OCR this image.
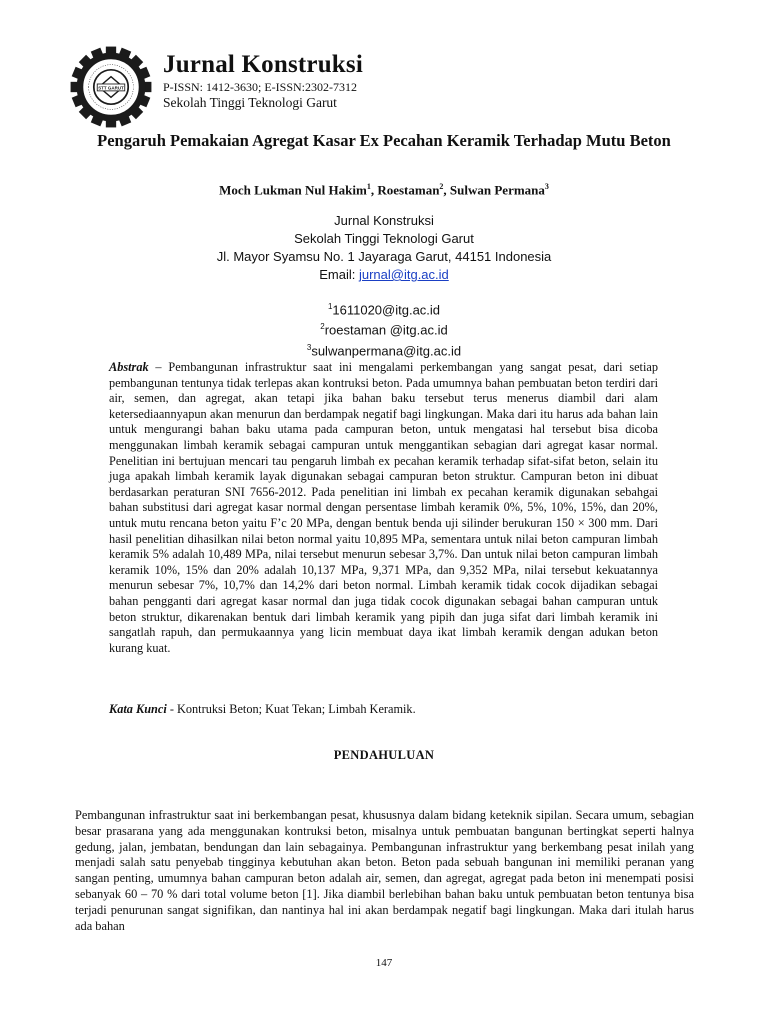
STT GARUT
Jurnal Konstruksi
P-ISSN: 1412-3630; E-ISSN:2302-7312
Sekolah Tinggi Teknologi Garut
Pengaruh Pemakaian Agregat Kasar Ex Pecahan Keramik Terhadap Mutu Beton
Moch Lukman Nul Hakim$^1$, Roestaman$^2$, Sulwan Permana$^3$
Jurnal Konstruksi
Sekolah Tinggi Teknologi Garut
Jl. Mayor Syamsu No. 1 Jayaraga Garut, 44151 Indonesia
Email: jurnal@itg.ac.id
$^1$1611020@itg.ac.id
$^2$roestaman @itg.ac.id
$^3$sulwanpermana@itg.ac.id
Abstrak – Pembangunan infrastruktur saat ini mengalami perkembangan yang sangat pesat, dari setiap pembangunan tentunya tidak terlepas akan kontruksi beton. Pada umumnya bahan pembuatan beton terdiri dari air, semen, dan agregat, akan tetapi jika bahan baku tersebut terus menerus diambil dari alam ketersediaannyapun akan menurun dan berdampak negatif bagi lingkungan. Maka dari itu harus ada bahan lain untuk mengurangi bahan baku utama pada campuran beton, untuk mengatasi hal tersebut bisa dicoba menggunakan limbah keramik sebagai campuran untuk menggantikan sebagian dari agregat kasar normal. Penelitian ini bertujuan mencari tau pengaruh limbah ex pecahan keramik terhadap sifat-sifat beton, selain itu juga apakah limbah keramik layak digunakan sebagai campuran beton struktur. Campuran beton ini dibuat berdasarkan peraturan SNI 7656-2012. Pada penelitian ini limbah ex pecahan keramik digunakan sebahgai bahan substitusi dari agregat kasar normal dengan persentase limbah keramik 0%, 5%, 10%, 15%, dan 20%, untuk mutu rencana beton yaitu F’c 20 MPa, dengan bentuk benda uji silinder berukuran 150 × 300 mm. Dari hasil penelitian dihasilkan nilai beton normal yaitu 10,895 MPa, sementara untuk nilai beton campuran limbah keramik 5% adalah 10,489 MPa, nilai tersebut menurun sebesar 3,7%. Dan untuk nilai beton campuran limbah keramik 10%, 15% dan 20% adalah 10,137 MPa, 9,371 MPa, dan 9,352 MPa, nilai tersebut kekuatannya menurun sebesar 7%, 10,7% dan 14,2% dari beton normal. Limbah keramik tidak cocok dijadikan sebagai bahan pengganti dari agregat kasar normal dan juga tidak cocok digunakan sebagai bahan campuran untuk beton struktur, dikarenakan bentuk dari limbah keramik yang pipih dan juga sifat dari limbah keramik ini sangatlah rapuh, dan permukaannya yang licin membuat daya ikat limbah keramik dengan adukan beton kurang kuat.
Kata Kunci - Kontruksi Beton; Kuat Tekan; Limbah Keramik.
PENDAHULUAN
Pembangunan infrastruktur saat ini berkembangan pesat, khususnya dalam bidang keteknik sipilan. Secara umum, sebagian besar prasarana yang ada menggunakan kontruksi beton, misalnya untuk pembuatan bangunan bertingkat seperti halnya gedung, jalan, jembatan, bendungan dan lain sebagainya. Pembangunan infrastruktur yang berkembang pesat inilah yang menjadi salah satu penyebab tingginya kebutuhan akan beton. Beton pada sebuah bangunan ini memiliki peranan yang sangan penting, umumnya bahan campuran beton adalah air, semen, dan agregat, agregat pada beton ini menempati posisi sebanyak 60 – 70 % dari total volume beton [1]. Jika diambil berlebihan bahan baku untuk pembuatan beton tentunya bisa terjadi penurunan sangat signifikan, dan nantinya hal ini akan berdampak negatif bagi lingkungan. Maka dari itulah harus ada bahan
147
